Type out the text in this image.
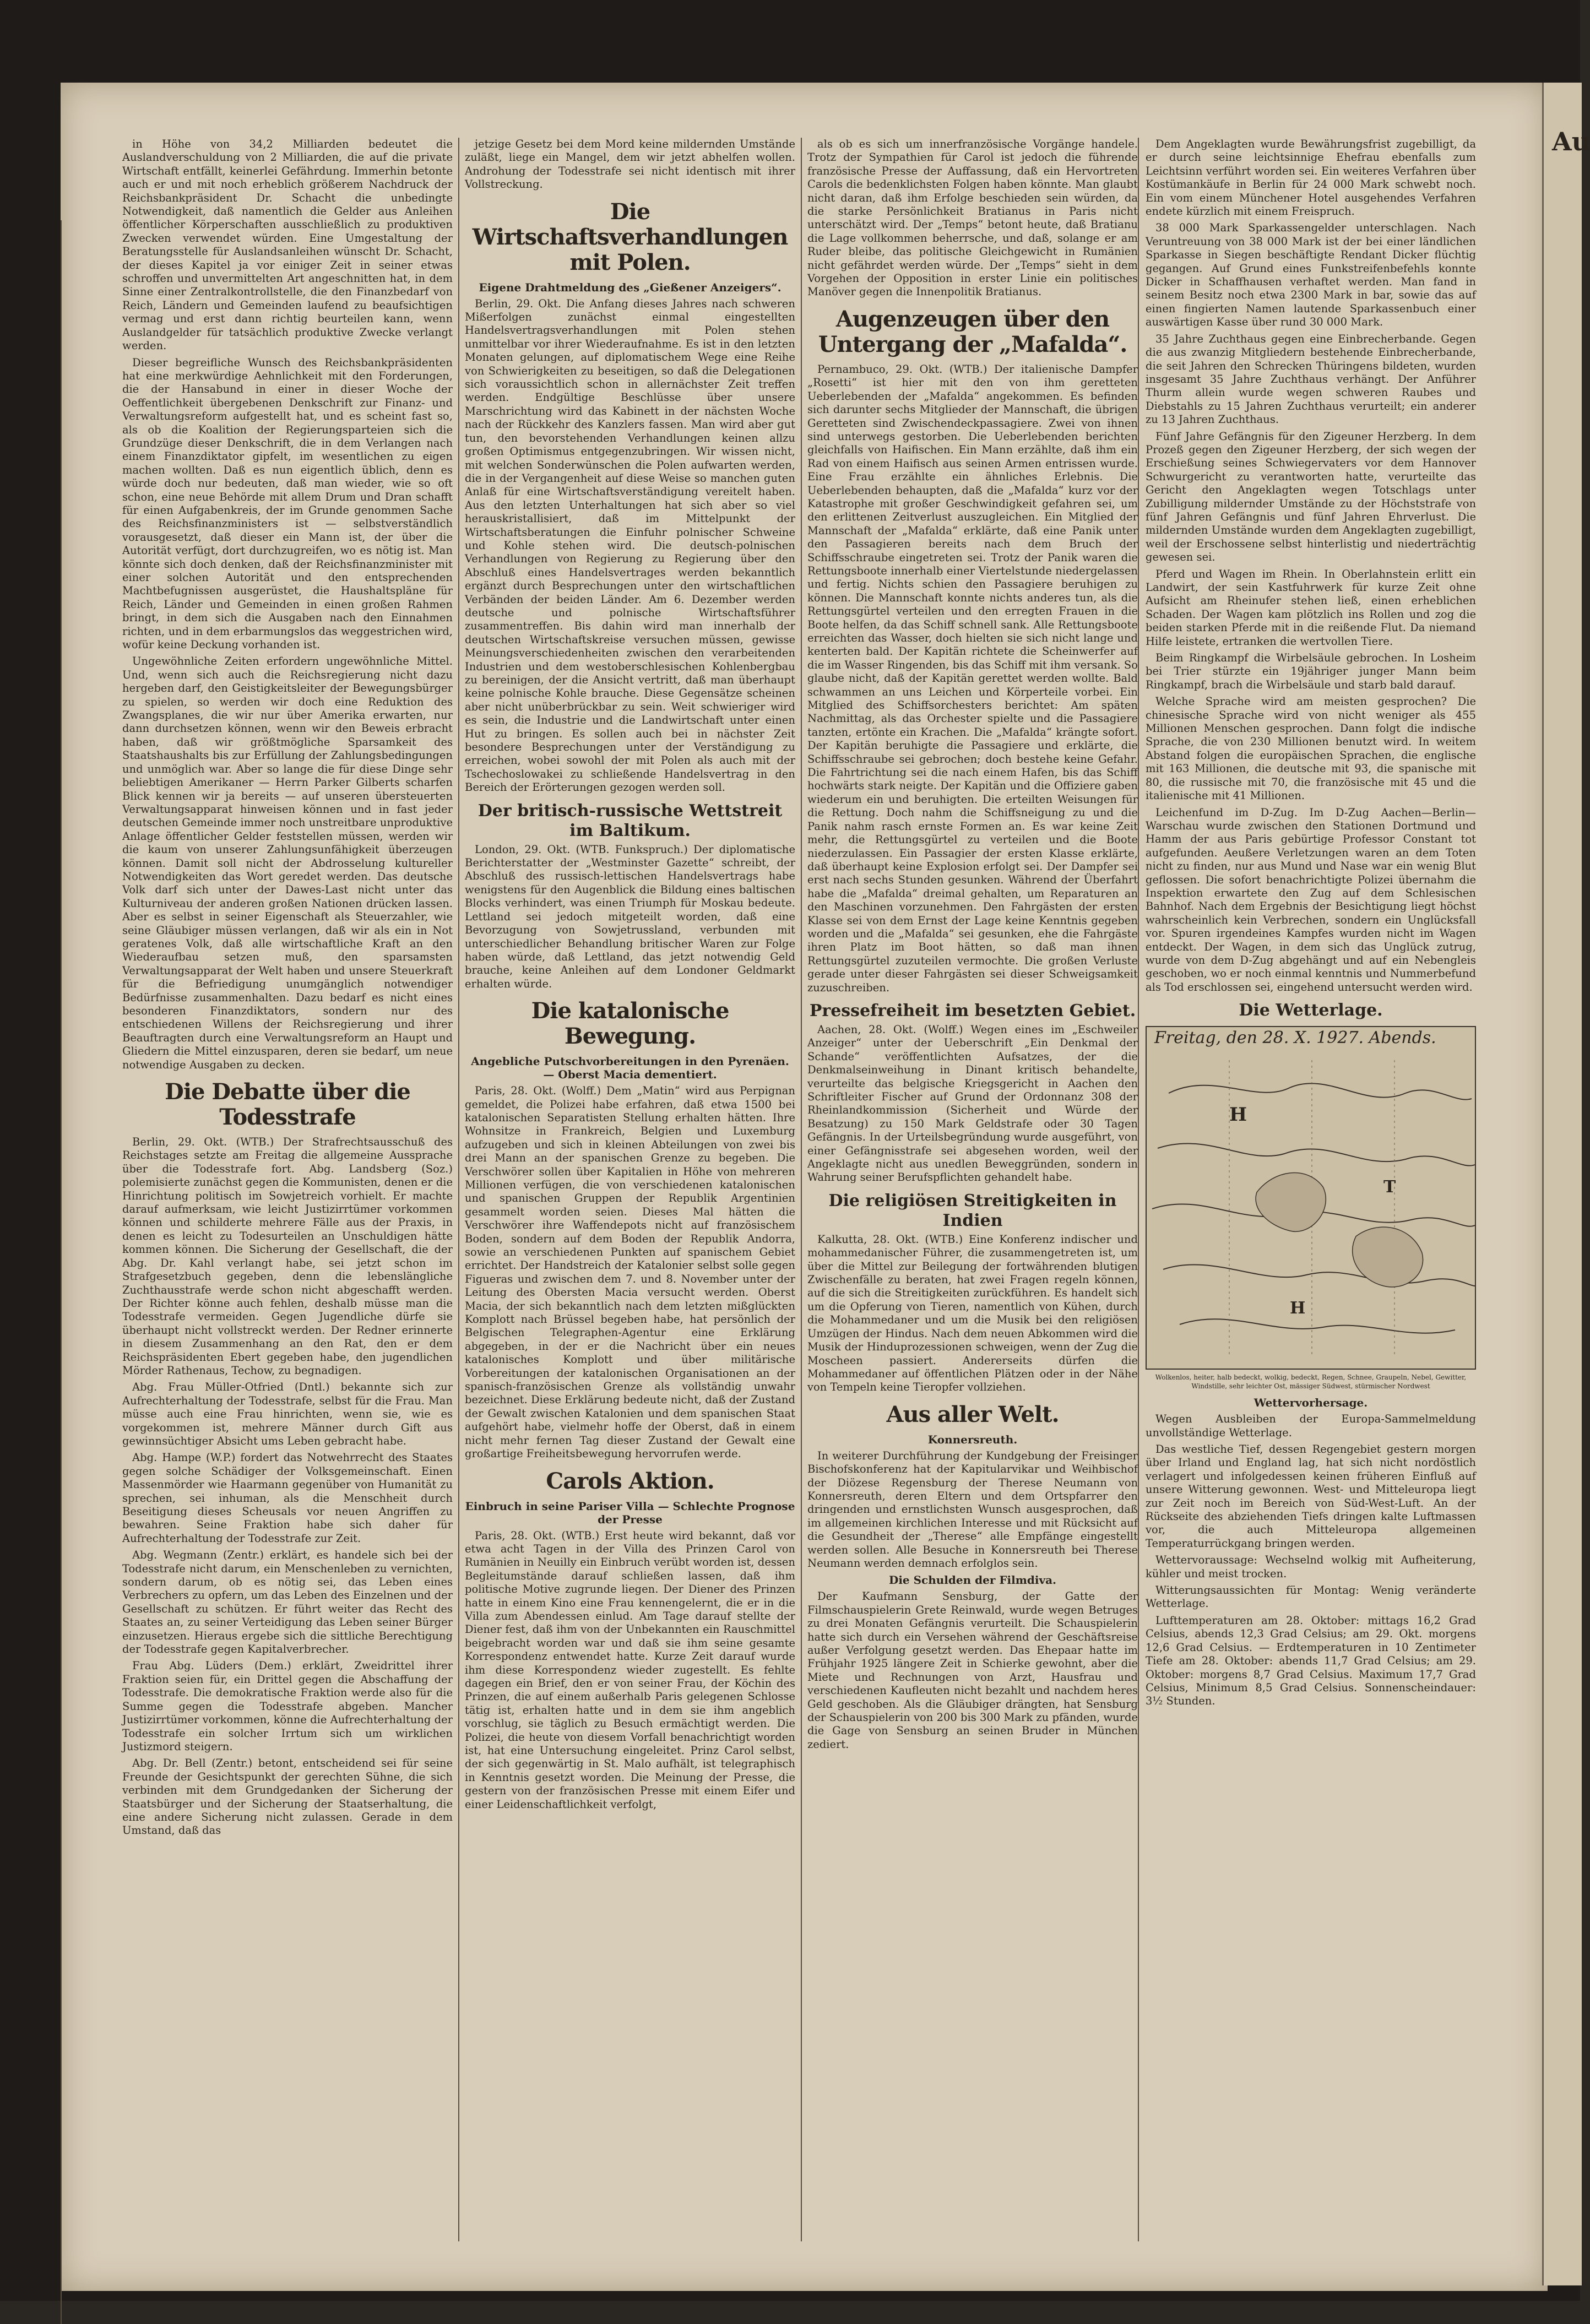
Au

in Höhe von 34,2 Milliarden bedeutet die Auslandverschuldung von 2 Milliarden, die auf die private Wirtschaft entfällt, keinerlei Gefährdung. Immerhin betonte auch er und mit noch erheblich größerem Nachdruck der Reichsbankpräsident Dr. Schacht die unbedingte Notwendigkeit, daß namentlich die Gelder aus Anleihen öffentlicher Körperschaften ausschließlich zu produktiven Zwecken verwendet würden. Eine Umgestaltung der Beratungsstelle für Auslandsanleihen wünscht Dr. Schacht, der dieses Kapitel ja vor einiger Zeit in seiner etwas schroffen und unvermittelten Art angeschnitten hat, in dem Sinne einer Zentralkontrollstelle, die den Finanzbedarf von Reich, Ländern und Gemeinden laufend zu beaufsichtigen vermag und erst dann richtig beurteilen kann, wenn Auslandgelder für tatsächlich produktive Zwecke verlangt werden.

Dieser begreifliche Wunsch des Reichsbankpräsidenten hat eine merkwürdige Aehnlichkeit mit den Forderungen, die der Hansabund in einer in dieser Woche der Oeffentlichkeit übergebenen Denkschrift zur Finanz- und Verwaltungsreform aufgestellt hat, und es scheint fast so, als ob die Koalition der Regierungsparteien sich die Grundzüge dieser Denkschrift, die in dem Verlangen nach einem Finanzdiktator gipfelt, im wesentlichen zu eigen machen wollten. Daß es nun eigentlich üblich, denn es würde doch nur bedeuten, daß man wieder, wie so oft schon, eine neue Behörde mit allem Drum und Dran schafft für einen Aufgabenkreis, der im Grunde genommen Sache des Reichsfinanzministers ist — selbstverständlich vorausgesetzt, daß dieser ein Mann ist, der über die Autorität verfügt, dort durchzugreifen, wo es nötig ist. Man könnte sich doch denken, daß der Reichsfinanzminister mit einer solchen Autorität und den entsprechenden Machtbefugnissen ausgerüstet, die Haushaltspläne für Reich, Länder und Gemeinden in einen großen Rahmen bringt, in dem sich die Ausgaben nach den Einnahmen richten, und in dem erbarmungslos das weggestrichen wird, wofür keine Deckung vorhanden ist.

Ungewöhnliche Zeiten erfordern ungewöhnliche Mittel. Und, wenn sich auch die Reichsregierung nicht dazu hergeben darf, den Geistigkeitsleiter der Bewegungsbürger zu spielen, so werden wir doch eine Reduktion des Zwangsplanes, die wir nur über Amerika erwarten, nur dann durchsetzen können, wenn wir den Beweis erbracht haben, daß wir größtmögliche Sparsamkeit des Staatshaushalts bis zur Erfüllung der Zahlungsbedingungen und unmöglich war. Aber so lange die für diese Dinge sehr beliebtigen Amerikaner — Herrn Parker Gilberts scharfen Blick kennen wir ja bereits — auf unseren übersteuerten Verwaltungsapparat hinweisen können und in fast jeder deutschen Gemeinde immer noch unstreitbare unproduktive Anlage öffentlicher Gelder feststellen müssen, werden wir die kaum von unserer Zahlungsunfähigkeit überzeugen können. Damit soll nicht der Abdrosselung kultureller Notwendigkeiten das Wort geredet werden. Das deutsche Volk darf sich unter der Dawes-Last nicht unter das Kulturniveau der anderen großen Nationen drücken lassen. Aber es selbst in seiner Eigenschaft als Steuerzahler, wie seine Gläubiger müssen verlangen, daß wir als ein in Not geratenes Volk, daß alle wirtschaftliche Kraft an den Wiederaufbau setzen muß, den sparsamsten Verwaltungsapparat der Welt haben und unsere Steuerkraft für die Befriedigung unumgänglich notwendiger Bedürfnisse zusammenhalten. Dazu bedarf es nicht eines besonderen Finanzdiktators, sondern nur des entschiedenen Willens der Reichsregierung und ihrer Beauftragten durch eine Verwaltungsreform an Haupt und Gliedern die Mittel einzusparen, deren sie bedarf, um neue notwendige Ausgaben zu decken.

Die Debatte über die Todesstrafe

Berlin, 29. Okt. (WTB.) Der Strafrechtsausschuß des Reichstages setzte am Freitag die allgemeine Aussprache über die Todesstrafe fort. Abg. Landsberg (Soz.) polemisierte zunächst gegen die Kommunisten, denen er die Hinrichtung politisch im Sowjetreich vorhielt. Er machte darauf aufmerksam, wie leicht Justizirrtümer vorkommen können und schilderte mehrere Fälle aus der Praxis, in denen es leicht zu Todesurteilen an Unschuldigen hätte kommen können. Die Sicherung der Gesellschaft, die der Abg. Dr. Kahl verlangt habe, sei jetzt schon im Strafgesetzbuch gegeben, denn die lebenslängliche Zuchthausstrafe werde schon nicht abgeschafft werden. Der Richter könne auch fehlen, deshalb müsse man die Todesstrafe vermeiden. Gegen Jugendliche dürfe sie überhaupt nicht vollstreckt werden. Der Redner erinnerte in diesem Zusammenhang an den Rat, den er dem Reichspräsidenten Ebert gegeben habe, den jugendlichen Mörder Rathenaus, Techow, zu begnadigen.

Abg. Frau Müller-Otfried (Dntl.) bekannte sich zur Aufrechterhaltung der Todesstrafe, selbst für die Frau. Man müsse auch eine Frau hinrichten, wenn sie, wie es vorgekommen ist, mehrere Männer durch Gift aus gewinnsüchtiger Absicht ums Leben gebracht habe.

Abg. Hampe (W.P.) fordert das Notwehrrecht des Staates gegen solche Schädiger der Volksgemeinschaft. Einen Massenmörder wie Haarmann gegenüber von Humanität zu sprechen, sei inhuman, als die Menschheit durch Beseitigung dieses Scheusals vor neuen Angriffen zu bewahren. Seine Fraktion habe sich daher für Aufrechterhaltung der Todesstrafe zur Zeit.

Abg. Wegmann (Zentr.) erklärt, es handele sich bei der Todesstrafe nicht darum, ein Menschenleben zu vernichten, sondern darum, ob es nötig sei, das Leben eines Verbrechers zu opfern, um das Leben des Einzelnen und der Gesellschaft zu schützen. Er führt weiter das Recht des Staates an, zu seiner Verteidigung das Leben seiner Bürger einzusetzen. Hieraus ergebe sich die sittliche Berechtigung der Todesstrafe gegen Kapitalverbrecher.

Frau Abg. Lüders (Dem.) erklärt, Zweidrittel ihrer Fraktion seien für, ein Drittel gegen die Abschaffung der Todesstrafe. Die demokratische Fraktion werde also für die Summe gegen die Todesstrafe abgeben. Mancher Justizirrtümer vorkommen, könne die Aufrechterhaltung der Todesstrafe ein solcher Irrtum sich um wirklichen Justizmord steigern.

Abg. Dr. Bell (Zentr.) betont, entscheidend sei für seine Freunde der Gesichtspunkt der gerechten Sühne, die sich verbinden mit dem Grundgedanken der Sicherung der Staatsbürger und der Sicherung der Staatserhaltung, die eine andere Sicherung nicht zulassen. Gerade in dem Umstand, daß das

jetzige Gesetz bei dem Mord keine mildernden Umstände zuläßt, liege ein Mangel, dem wir jetzt abhelfen wollen. Androhung der Todesstrafe sei nicht identisch mit ihrer Vollstreckung.

Die Wirtschaftsverhandlungen mit Polen.
Eigene Drahtmeldung des „Gießener Anzeigers“.

Berlin, 29. Okt. Die Anfang dieses Jahres nach schweren Mißerfolgen zunächst einmal eingestellten Handelsvertragsverhandlungen mit Polen stehen unmittelbar vor ihrer Wiederaufnahme. Es ist in den letzten Monaten gelungen, auf diplomatischem Wege eine Reihe von Schwierigkeiten zu beseitigen, so daß die Delegationen sich voraussichtlich schon in allernächster Zeit treffen werden. Endgültige Beschlüsse über unsere Marschrichtung wird das Kabinett in der nächsten Woche nach der Rückkehr des Kanzlers fassen. Man wird aber gut tun, den bevorstehenden Verhandlungen keinen allzu großen Optimismus entgegenzubringen. Wir wissen nicht, mit welchen Sonderwünschen die Polen aufwarten werden, die in der Vergangenheit auf diese Weise so manchen guten Anlaß für eine Wirtschaftsverständigung vereitelt haben. Aus den letzten Unterhaltungen hat sich aber so viel herauskristallisiert, daß im Mittelpunkt der Wirtschaftsberatungen die Einfuhr polnischer Schweine und Kohle stehen wird. Die deutsch-polnischen Verhandlungen von Regierung zu Regierung über den Abschluß eines Handelsvertrages werden bekanntlich ergänzt durch Besprechungen unter den wirtschaftlichen Verbänden der beiden Länder. Am 6. Dezember werden deutsche und polnische Wirtschaftsführer zusammentreffen. Bis dahin wird man innerhalb der deutschen Wirtschaftskreise versuchen müssen, gewisse Meinungsverschiedenheiten zwischen den verarbeitenden Industrien und dem westoberschlesischen Kohlenbergbau zu bereinigen, der die Ansicht vertritt, daß man überhaupt keine polnische Kohle brauche. Diese Gegensätze scheinen aber nicht unüberbrückbar zu sein. Weit schwieriger wird es sein, die Industrie und die Landwirtschaft unter einen Hut zu bringen. Es sollen auch bei in nächster Zeit besondere Besprechungen unter der Verständigung zu erreichen, wobei sowohl der mit Polen als auch mit der Tschechoslowakei zu schließende Handelsvertrag in den Bereich der Erörterungen gezogen werden soll.

Der britisch-russische Wettstreit im Baltikum.

London, 29. Okt. (WTB. Funkspruch.) Der diplomatische Berichterstatter der „Westminster Gazette“ schreibt, der Abschluß des russisch-lettischen Handelsvertrags habe wenigstens für den Augenblick die Bildung eines baltischen Blocks verhindert, was einen Triumph für Moskau bedeute. Lettland sei jedoch mitgeteilt worden, daß eine Bevorzugung von Sowjetrussland, verbunden mit unterschiedlicher Behandlung britischer Waren zur Folge haben würde, daß Lettland, das jetzt notwendig Geld brauche, keine Anleihen auf dem Londoner Geldmarkt erhalten würde.

Die katalonische Bewegung.
Angebliche Putschvorbereitungen in den Pyrenäen. — Oberst Macia dementiert.

Paris, 28. Okt. (Wolff.) Dem „Matin“ wird aus Perpignan gemeldet, die Polizei habe erfahren, daß etwa 1500 bei katalonischen Separatisten Stellung erhalten hätten. Ihre Wohnsitze in Frankreich, Belgien und Luxemburg aufzugeben und sich in kleinen Abteilungen von zwei bis drei Mann an der spanischen Grenze zu begeben. Die Verschwörer sollen über Kapitalien in Höhe von mehreren Millionen verfügen, die von verschiedenen katalonischen und spanischen Gruppen der Republik Argentinien gesammelt worden seien. Dieses Mal hätten die Verschwörer ihre Waffendepots nicht auf französischem Boden, sondern auf dem Boden der Republik Andorra, sowie an verschiedenen Punkten auf spanischem Gebiet errichtet. Der Handstreich der Katalonier selbst solle gegen Figueras und zwischen dem 7. und 8. November unter der Leitung des Obersten Macia versucht werden. Oberst Macia, der sich bekanntlich nach dem letzten mißglückten Komplott nach Brüssel begeben habe, hat persönlich der Belgischen Telegraphen-Agentur eine Erklärung abgegeben, in der er die Nachricht über ein neues katalonisches Komplott und über militärische Vorbereitungen der katalonischen Organisationen an der spanisch-französischen Grenze als vollständig unwahr bezeichnet. Diese Erklärung bedeute nicht, daß der Zustand der Gewalt zwischen Katalonien und dem spanischen Staat aufgehört habe, vielmehr hoffe der Oberst, daß in einem nicht mehr fernen Tag dieser Zustand der Gewalt eine großartige Freiheitsbewegung hervorrufen werde.

Carols Aktion.
Einbruch in seine Pariser Villa — Schlechte Prognose der Presse

Paris, 28. Okt. (WTB.) Erst heute wird bekannt, daß vor etwa acht Tagen in der Villa des Prinzen Carol von Rumänien in Neuilly ein Einbruch verübt worden ist, dessen Begleitumstände darauf schließen lassen, daß ihm politische Motive zugrunde liegen. Der Diener des Prinzen hatte in einem Kino eine Frau kennengelernt, die er in die Villa zum Abendessen einlud. Am Tage darauf stellte der Diener fest, daß ihm von der Unbekannten ein Rauschmittel beigebracht worden war und daß sie ihm seine gesamte Korrespondenz entwendet hatte. Kurze Zeit darauf wurde ihm diese Korrespondenz wieder zugestellt. Es fehlte dagegen ein Brief, den er von seiner Frau, der Köchin des Prinzen, die auf einem außerhalb Paris gelegenen Schlosse tätig ist, erhalten hatte und in dem sie ihm angeblich vorschlug, sie täglich zu Besuch ermächtigt werden. Die Polizei, die heute von diesem Vorfall benachrichtigt worden ist, hat eine Untersuchung eingeleitet. Prinz Carol selbst, der sich gegenwärtig in St. Malo aufhält, ist telegraphisch in Kenntnis gesetzt worden. Die Meinung der Presse, die gestern von der französischen Presse mit einem Eifer und einer Leidenschaftlichkeit verfolgt,

als ob es sich um innerfranzösische Vorgänge handele. Trotz der Sympathien für Carol ist jedoch die führende französische Presse der Auffassung, daß ein Hervortreten Carols die bedenklichsten Folgen haben könnte. Man glaubt nicht daran, daß ihm Erfolge beschieden sein würden, da die starke Persönlichkeit Bratianus in Paris nicht unterschätzt wird. Der „Temps“ betont heute, daß Bratianu die Lage vollkommen beherrsche, und daß, solange er am Ruder bleibe, das politische Gleichgewicht in Rumänien nicht gefährdet werden würde. Der „Temps“ sieht in dem Vorgehen der Opposition in erster Linie ein politisches Manöver gegen die Innenpolitik Bratianus.

Augenzeugen über den Untergang der „Mafalda“.

Pernambuco, 29. Okt. (WTB.) Der italienische Dampfer „Rosetti“ ist hier mit den von ihm geretteten Ueberlebenden der „Mafalda“ angekommen. Es befinden sich darunter sechs Mitglieder der Mannschaft, die übrigen Geretteten sind Zwischendeckpassagiere. Zwei von ihnen sind unterwegs gestorben. Die Ueberlebenden berichten gleichfalls von Haifischen. Ein Mann erzählte, daß ihm ein Rad von einem Haifisch aus seinen Armen entrissen wurde. Eine Frau erzählte ein ähnliches Erlebnis. Die Ueberlebenden behaupten, daß die „Mafalda“ kurz vor der Katastrophe mit großer Geschwindigkeit gefahren sei, um den erlittenen Zeitverlust auszugleichen. Ein Mitglied der Mannschaft der „Mafalda“ erklärte, daß eine Panik unter den Passagieren bereits nach dem Bruch der Schiffsschraube eingetreten sei. Trotz der Panik waren die Rettungsboote innerhalb einer Viertelstunde niedergelassen und fertig. Nichts schien den Passagiere beruhigen zu können. Die Mannschaft konnte nichts anderes tun, als die Rettungsgürtel verteilen und den erregten Frauen in die Boote helfen, da das Schiff schnell sank. Alle Rettungsboote erreichten das Wasser, doch hielten sie sich nicht lange und kenterten bald. Der Kapitän richtete die Scheinwerfer auf die im Wasser Ringenden, bis das Schiff mit ihm versank. So glaube nicht, daß der Kapitän gerettet werden wollte. Bald schwammen an uns Leichen und Körperteile vorbei. Ein Mitglied des Schiffsorchesters berichtet: Am späten Nachmittag, als das Orchester spielte und die Passagiere tanzten, ertönte ein Krachen. Die „Mafalda“ krängte sofort. Der Kapitän beruhigte die Passagiere und erklärte, die Schiffsschraube sei gebrochen; doch bestehe keine Gefahr. Die Fahrtrichtung sei die nach einem Hafen, bis das Schiff hochwärts stark neigte. Der Kapitän und die Offiziere gaben wiederum ein und beruhigten. Die erteilten Weisungen für die Rettung. Doch nahm die Schiffsneigung zu und die Panik nahm rasch ernste Formen an. Es war keine Zeit mehr, die Rettungsgürtel zu verteilen und die Boote niederzulassen. Ein Passagier der ersten Klasse erklärte, daß überhaupt keine Explosion erfolgt sei. Der Dampfer sei erst nach sechs Stunden gesunken. Während der Überfahrt habe die „Mafalda“ dreimal gehalten, um Reparaturen an den Maschinen vorzunehmen. Den Fahrgästen der ersten Klasse sei von dem Ernst der Lage keine Kenntnis gegeben worden und die „Mafalda“ sei gesunken, ehe die Fahrgäste ihren Platz im Boot hätten, so daß man ihnen Rettungsgürtel zuzuteilen vermochte. Die großen Verluste gerade unter dieser Fahrgästen sei dieser Schweigsamkeit zuzuschreiben.

Pressefreiheit im besetzten Gebiet.

Aachen, 28. Okt. (Wolff.) Wegen eines im „Eschweiler Anzeiger“ unter der Ueberschrift „Ein Denkmal der Schande“ veröffentlichten Aufsatzes, der die Denkmalseinweihung in Dinant kritisch behandelte, verurteilte das belgische Kriegsgericht in Aachen den Schriftleiter Fischer auf Grund der Ordonnanz 308 der Rheinlandkommission (Sicherheit und Würde der Besatzung) zu 150 Mark Geldstrafe oder 30 Tagen Gefängnis. In der Urteilsbegründung wurde ausgeführt, von einer Gefängnisstrafe sei abgesehen worden, weil der Angeklagte nicht aus unedlen Beweggründen, sondern in Wahrung seiner Berufspflichten gehandelt habe.

Die religiösen Streitigkeiten in Indien

Kalkutta, 28. Okt. (WTB.) Eine Konferenz indischer und mohammedanischer Führer, die zusammengetreten ist, um über die Mittel zur Beilegung der fortwährenden blutigen Zwischenfälle zu beraten, hat zwei Fragen regeln können, auf die sich die Streitigkeiten zurückführen. Es handelt sich um die Opferung von Tieren, namentlich von Kühen, durch die Mohammedaner und um die Musik bei den religiösen Umzügen der Hindus. Nach dem neuen Abkommen wird die Musik der Hinduprozessionen schweigen, wenn der Zug die Moscheen passiert. Andererseits dürfen die Mohammedaner auf öffentlichen Plätzen oder in der Nähe von Tempeln keine Tieropfer vollziehen.

Aus aller Welt.
Konnersreuth.

In weiterer Durchführung der Kundgebung der Freisinger Bischofskonferenz hat der Kapitularvikar und Weihbischof der Diözese Regensburg der Therese Neumann von Konnersreuth, deren Eltern und dem Ortspfarrer den dringenden und ernstlichsten Wunsch ausgesprochen, daß im allgemeinen kirchlichen Interesse und mit Rücksicht auf die Gesundheit der „Therese“ alle Empfänge eingestellt werden sollen. Alle Besuche in Konnersreuth bei Therese Neumann werden demnach erfolglos sein.

Die Schulden der Filmdiva.

Der Kaufmann Sensburg, der Gatte der Filmschauspielerin Grete Reinwald, wurde wegen Betruges zu drei Monaten Gefängnis verurteilt. Die Schauspielerin hatte sich durch ein Versehen während der Geschäftsreise außer Verfolgung gesetzt werden. Das Ehepaar hatte im Frühjahr 1925 längere Zeit in Schierke gewohnt, aber die Miete und Rechnungen von Arzt, Hausfrau und verschiedenen Kaufleuten nicht bezahlt und nachdem heres Geld geschoben. Als die Gläubiger drängten, hat Sensburg der Schauspielerin von 200 bis 300 Mark zu pfänden, wurde die Gage von Sensburg an seinen Bruder in München zediert.

Dem Angeklagten wurde Bewährungsfrist zugebilligt, da er durch seine leichtsinnige Ehefrau ebenfalls zum Leichtsinn verführt worden sei. Ein weiteres Verfahren über Kostümankäufe in Berlin für 24 000 Mark schwebt noch. Ein vom einem Münchener Hotel ausgehendes Verfahren endete kürzlich mit einem Freispruch.

38 000 Mark Sparkassengelder unterschlagen. Nach Veruntreuung von 38 000 Mark ist der bei einer ländlichen Sparkasse in Siegen beschäftigte Rendant Dicker flüchtig gegangen. Auf Grund eines Funkstreifenbefehls konnte Dicker in Schaffhausen verhaftet werden. Man fand in seinem Besitz noch etwa 2300 Mark in bar, sowie das auf einen fingierten Namen lautende Sparkassenbuch einer auswärtigen Kasse über rund 30 000 Mark.

35 Jahre Zuchthaus gegen eine Einbrecherbande. Gegen die aus zwanzig Mitgliedern bestehende Einbrecherbande, die seit Jahren den Schrecken Thüringens bildeten, wurden insgesamt 35 Jahre Zuchthaus verhängt. Der Anführer Thurm allein wurde wegen schweren Raubes und Diebstahls zu 15 Jahren Zuchthaus verurteilt; ein anderer zu 13 Jahren Zuchthaus.

Fünf Jahre Gefängnis für den Zigeuner Herzberg. In dem Prozeß gegen den Zigeuner Herzberg, der sich wegen der Erschießung seines Schwiegervaters vor dem Hannover Schwurgericht zu verantworten hatte, verurteilte das Gericht den Angeklagten wegen Totschlags unter Zubilligung mildernder Umstände zu der Höchststrafe von fünf Jahren Gefängnis und fünf Jahren Ehrverlust. Die mildernden Umstände wurden dem Angeklagten zugebilligt, weil der Erschossene selbst hinterlistig und niederträchtig gewesen sei.

Pferd und Wagen im Rhein. In Oberlahnstein erlitt ein Landwirt, der sein Kastfuhrwerk für kurze Zeit ohne Aufsicht am Rheinufer stehen ließ, einen erheblichen Schaden. Der Wagen kam plötzlich ins Rollen und zog die beiden starken Pferde mit in die reißende Flut. Da niemand Hilfe leistete, ertranken die wertvollen Tiere.

Beim Ringkampf die Wirbelsäule gebrochen. In Losheim bei Trier stürzte ein 19jähriger junger Mann beim Ringkampf, brach die Wirbelsäule und starb bald darauf.

Welche Sprache wird am meisten gesprochen? Die chinesische Sprache wird von nicht weniger als 455 Millionen Menschen gesprochen. Dann folgt die indische Sprache, die von 230 Millionen benutzt wird. In weitem Abstand folgen die europäischen Sprachen, die englische mit 163 Millionen, die deutsche mit 93, die spanische mit 80, die russische mit 70, die französische mit 45 und die italienische mit 41 Millionen.

Leichenfund im D-Zug. Im D-Zug Aachen—Berlin—Warschau wurde zwischen den Stationen Dortmund und Hamm der aus Paris gebürtige Professor Constant tot aufgefunden. Aeußere Verletzungen waren an dem Toten nicht zu finden, nur aus Mund und Nase war ein wenig Blut geflossen. Die sofort benachrichtigte Polizei übernahm die Inspektion erwartete den Zug auf dem Schlesischen Bahnhof. Nach dem Ergebnis der Besichtigung liegt höchst wahrscheinlich kein Verbrechen, sondern ein Unglücksfall vor. Spuren irgendeines Kampfes wurden nicht im Wagen entdeckt. Der Wagen, in dem sich das Unglück zutrug, wurde von dem D-Zug abgehängt und auf ein Nebengleis geschoben, wo er noch einmal kenntnis und Nummerbefund als Tod erschlossen sei, eingehend untersucht werden wird.

Die Wetterlage.
H
T
H
Freitag, den 28. X. 1927. Abends.
Wolkenlos, heiter, halb bedeckt, wolkig, bedeckt, Regen, Schnee, Graupeln, Nebel, Gewitter, Windstille, sehr leichter Ost, mässiger Südwest, stürmischer Nordwest
Wettervorhersage.

Wegen Ausbleiben der Europa-Sammelmeldung unvollständige Wetterlage.

Das westliche Tief, dessen Regengebiet gestern morgen über Irland und England lag, hat sich nicht nordöstlich verlagert und infolgedessen keinen früheren Einfluß auf unsere Witterung gewonnen. West- und Mitteleuropa liegt zur Zeit noch im Bereich von Süd-West-Luft. An der Rückseite des abziehenden Tiefs dringen kalte Luftmassen vor, die auch Mitteleuropa allgemeinen Temperaturrückgang bringen werden.

Wettervoraussage: Wechselnd wolkig mit Aufheiterung, kühler und meist trocken.

Witterungsaussichten für Montag: Wenig veränderte Wetterlage.

Lufttemperaturen am 28. Oktober: mittags 16,2 Grad Celsius, abends 12,3 Grad Celsius; am 29. Okt. morgens 12,6 Grad Celsius. — Erdtemperaturen in 10 Zentimeter Tiefe am 28. Oktober: abends 11,7 Grad Celsius; am 29. Oktober: morgens 8,7 Grad Celsius. Maximum 17,7 Grad Celsius, Minimum 8,5 Grad Celsius. Sonnenscheindauer: 3½ Stunden.
